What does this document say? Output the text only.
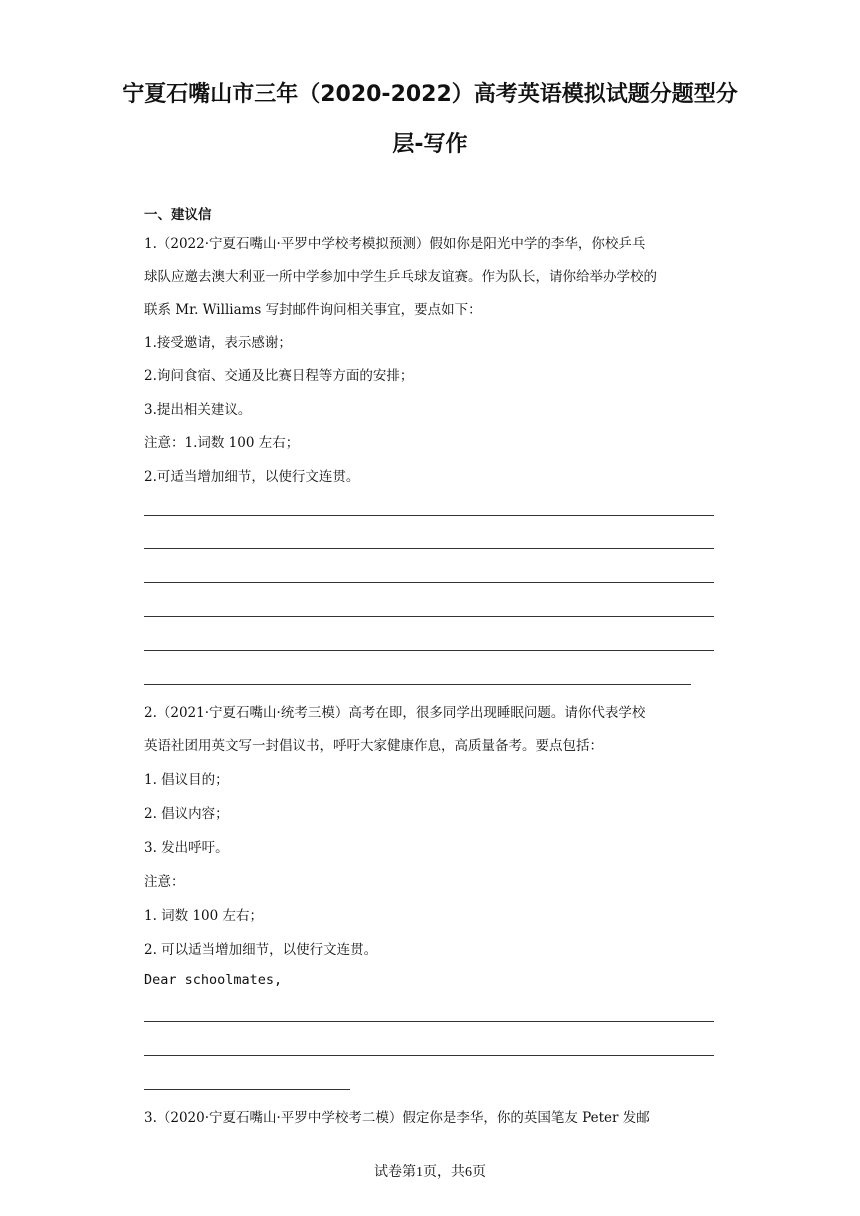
宁夏石嘴山市三年（2020-2022）高考英语模拟试题分题型分
层-写作
一、建议信
1.（2022·宁夏石嘴山·平罗中学校考模拟预测）假如你是阳光中学的李华，你校乒乓
球队应邀去澳大利亚一所中学参加中学生乒乓球友谊赛。作为队长，请你给举办学校的
联系 Mr. Williams 写封邮件询问相关事宜，要点如下：
1.接受邀请，表示感谢；
2.询问食宿、交通及比赛日程等方面的安排；
3.提出相关建议。
注意：1.词数 100 左右；
2.可适当增加细节，以使行文连贯。
2.（2021·宁夏石嘴山·统考三模）高考在即，很多同学出现睡眠问题。请你代表学校
英语社团用英文写一封倡议书，呼吁大家健康作息，高质量备考。要点包括：
1. 倡议目的；
2. 倡议内容；
3. 发出呼吁。
注意：
1. 词数 100 左右；
2. 可以适当增加细节，以使行文连贯。
Dear schoolmates,
3.（2020·宁夏石嘴山·平罗中学校考二模）假定你是李华，你的英国笔友 Peter 发邮
试卷第1页，共6页
